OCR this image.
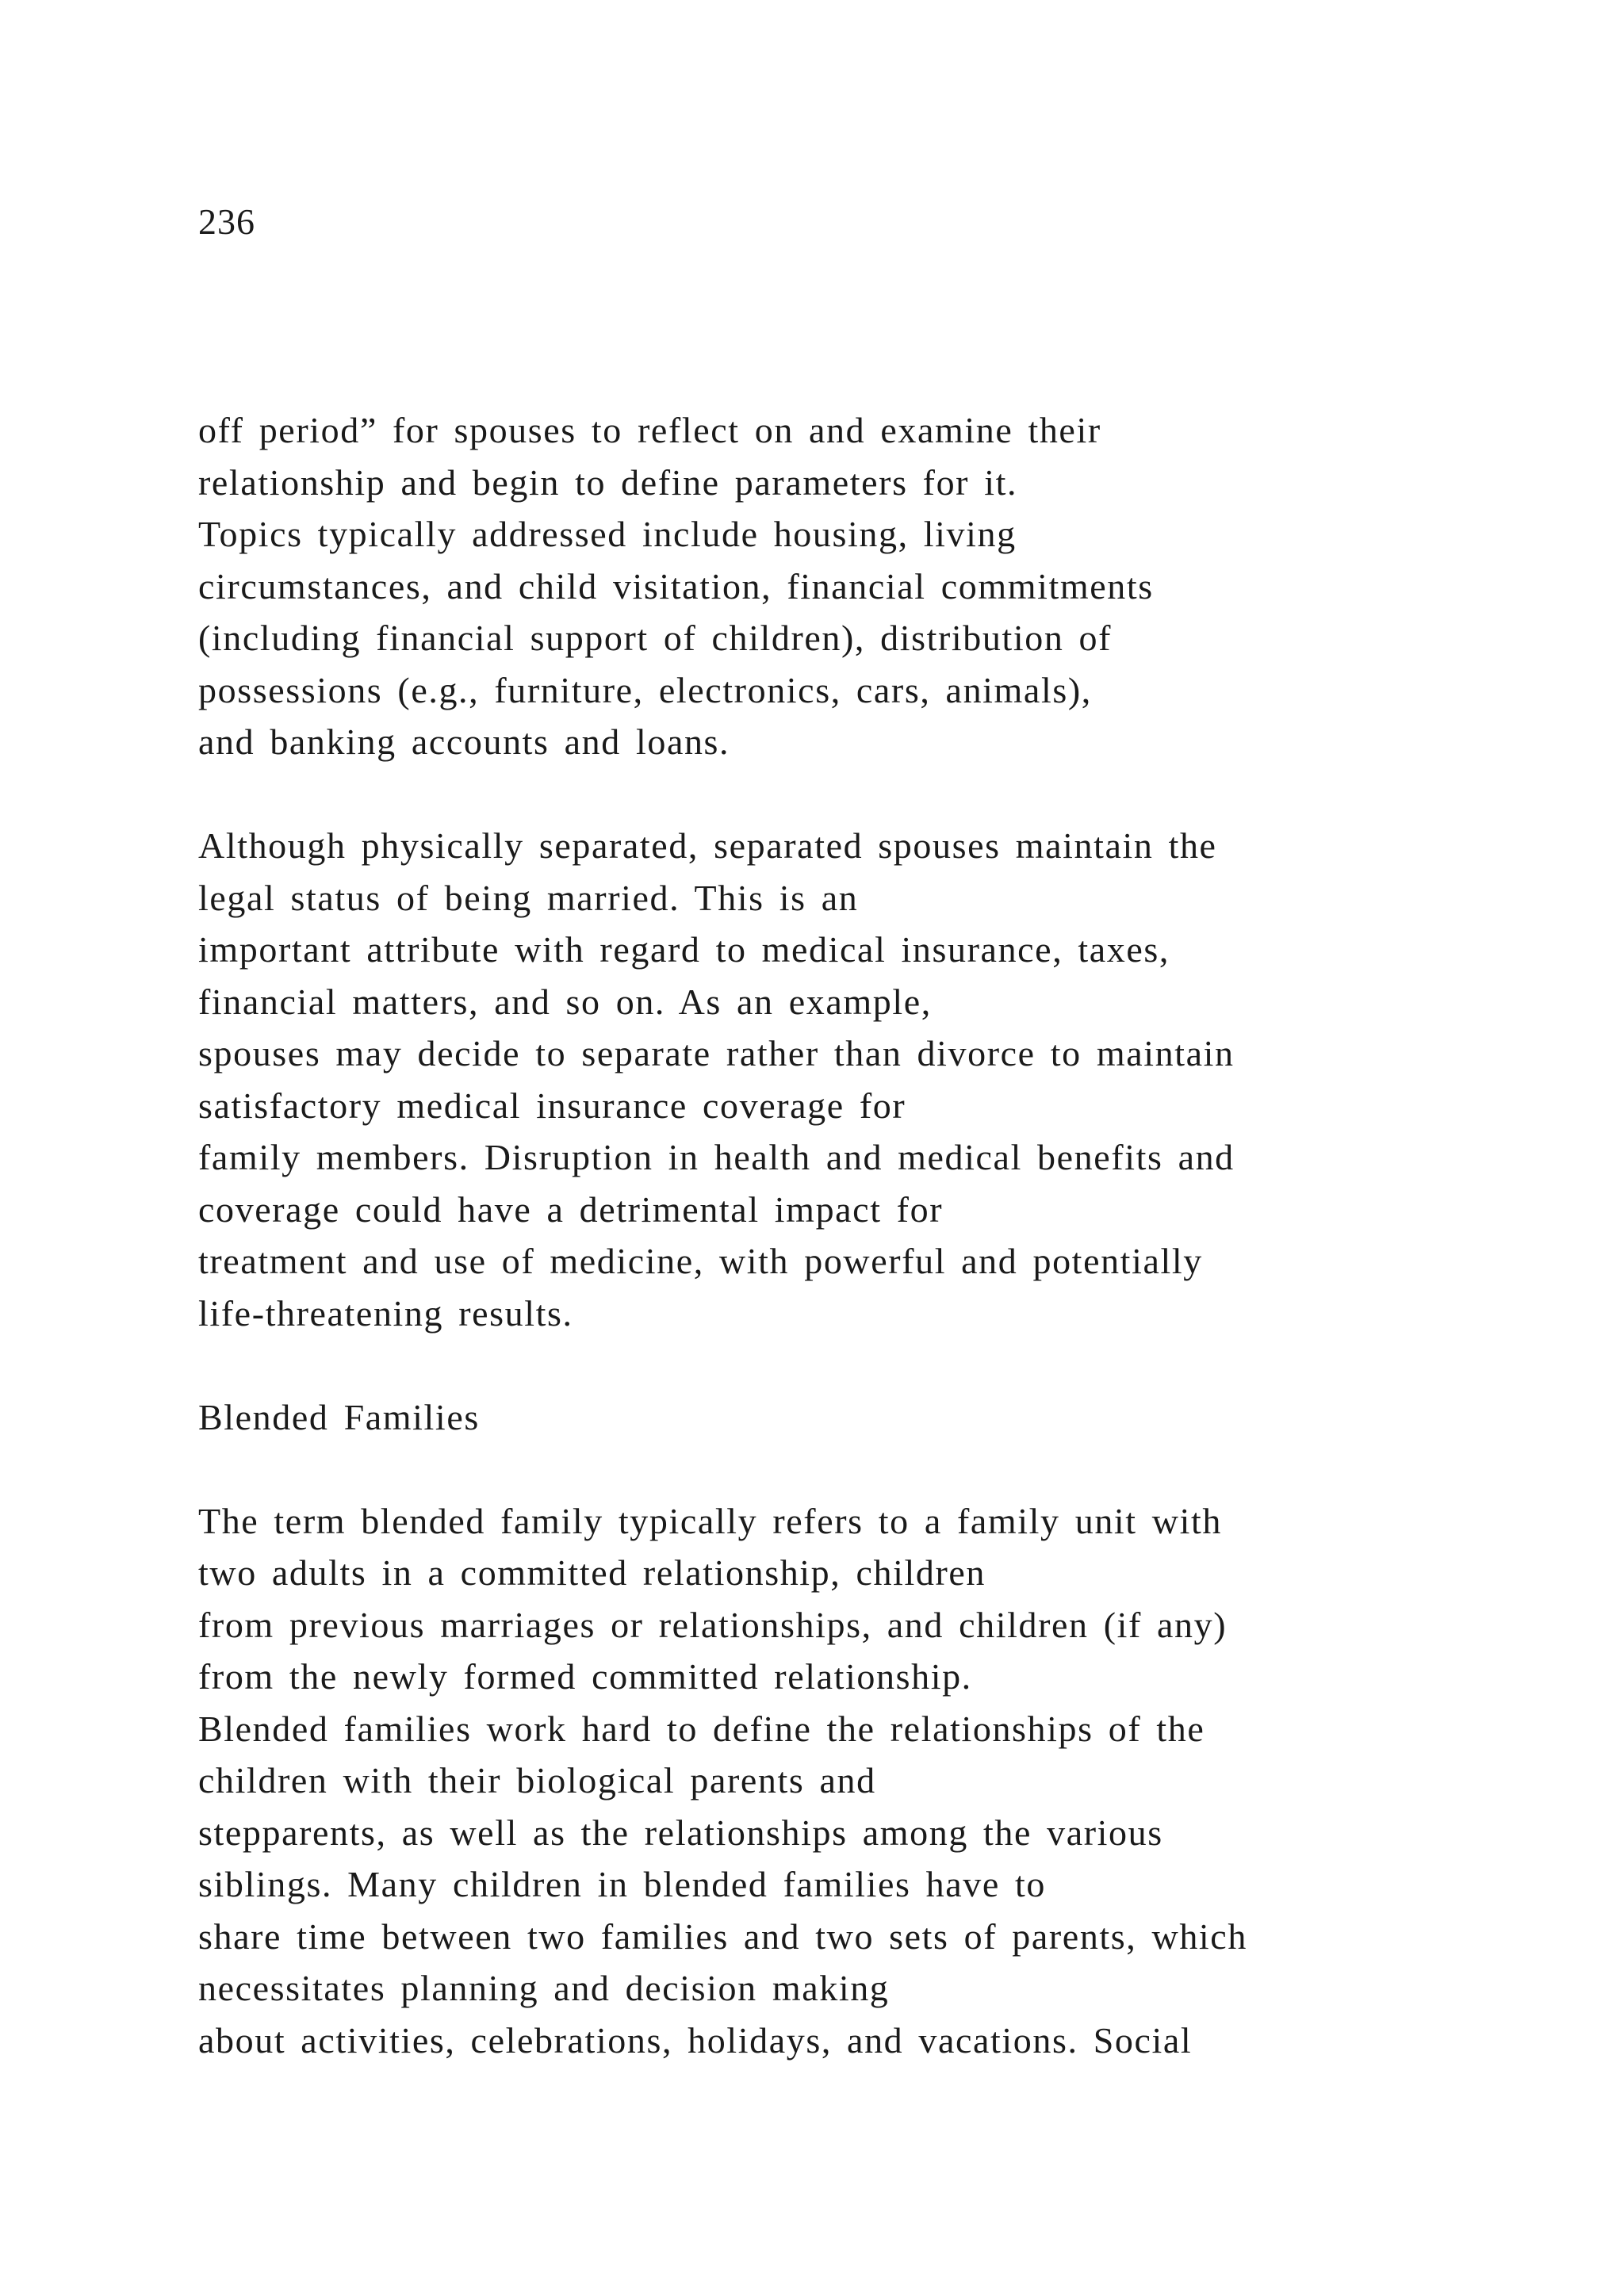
236

off period” for spouses to reflect on and examine their
relationship and begin to define parameters for it.
Topics typically addressed include housing, living
circumstances, and child visitation, financial commitments
(including financial support of children), distribution of
possessions (e.g., furniture, electronics, cars, animals),
and banking accounts and loans.
Although physically separated, separated spouses maintain the
legal status of being married. This is an
important attribute with regard to medical insurance, taxes,
financial matters, and so on. As an example,
spouses may decide to separate rather than divorce to maintain
satisfactory medical insurance coverage for
family members. Disruption in health and medical benefits and
coverage could have a detrimental impact for
treatment and use of medicine, with powerful and potentially
life-threatening results.
Blended Families
The term blended family typically refers to a family unit with
two adults in a committed relationship, children
from previous marriages or relationships, and children (if any)
from the newly formed committed relationship.
Blended families work hard to define the relationships of the
children with their biological parents and
stepparents, as well as the relationships among the various
siblings. Many children in blended families have to
share time between two families and two sets of parents, which
necessitates planning and decision making
about activities, celebrations, holidays, and vacations. Social
